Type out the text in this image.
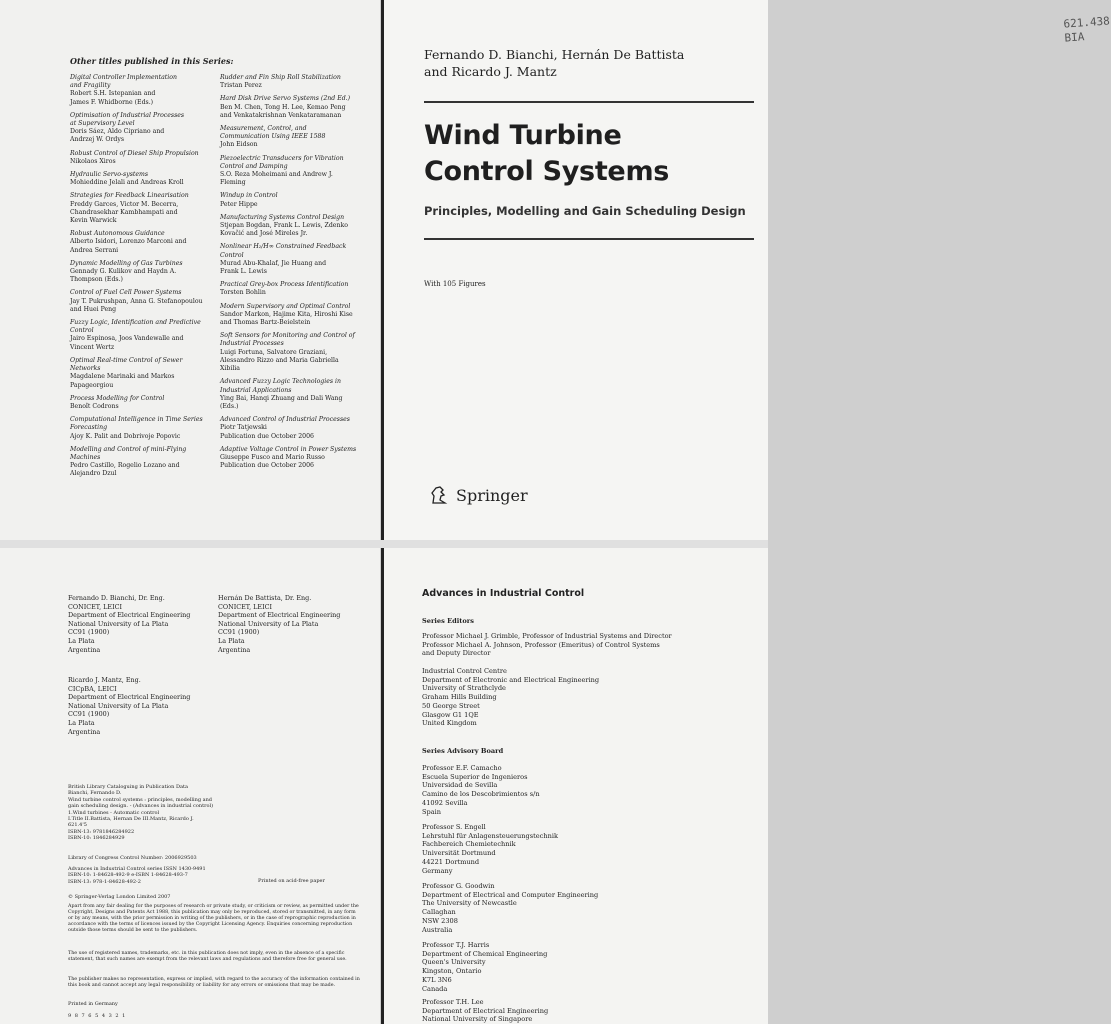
Other titles published in this Series:
Digital Controller Implementation
and Fragility
Robert S.H. Istepanian and
James F. Whidborne (Eds.)
Optimisation of Industrial Processes
at Supervisory Level
Doris Sáez, Aldo Cipriano and
Andrzej W. Ordys
Robust Control of Diesel Ship Propulsion
Nikolaos Xiros
Hydraulic Servo-systems
Mohieddine Jelali and Andreas Kroll
Strategies for Feedback Linearisation
Freddy Garces, Victor M. Becerra,
Chandrasekhar Kambhampati and
Kevin Warwick
Robust Autonomous Guidance
Alberto Isidori, Lorenzo Marconi and
Andrea Serrani
Dynamic Modelling of Gas Turbines
Gennady G. Kulikov and Haydn A.
Thompson (Eds.)
Control of Fuel Cell Power Systems
Jay T. Pukrushpan, Anna G. Stefanopoulou
and Huei Peng
Fuzzy Logic, Identification and Predictive
Control
Jairo Espinosa, Joos Vandewalle and
Vincent Wertz
Optimal Real-time Control of Sewer
Networks
Magdalene Marinaki and Markos
Papageorgiou
Process Modelling for Control
Benoît Codrons
Computational Intelligence in Time Series
Forecasting
Ajoy K. Palit and Dobrivoje Popovic
Modelling and Control of mini-Flying
Machines
Pedro Castillo, Rogelio Lozano and
Alejandro Dzul
Rudder and Fin Ship Roll Stabilization
Tristan Perez
Hard Disk Drive Servo Systems (2nd Ed.)
Ben M. Chen, Tong H. Lee, Kemao Peng
and Venkatakrishnan Venkataramanan
Measurement, Control, and
Communication Using IEEE 1588
John Eidson
Piezoelectric Transducers for Vibration
Control and Damping
S.O. Reza Moheimani and Andrew J.
Fleming
Windup in Control
Peter Hippe
Manufacturing Systems Control Design
Stjepan Bogdan, Frank L. Lewis, Zdenko
Kovačić and José Mireles Jr.
Nonlinear H₂/H∞ Constrained Feedback
Control
Murad Abu-Khalaf, Jie Huang and
Frank L. Lewis
Practical Grey-box Process Identification
Torsten Bohlin
Modern Supervisory and Optimal Control
Sandor Markon, Hajime Kita, Hiroshi Kise
and Thomas Bartz-Beielstein
Soft Sensors for Monitoring and Control of
Industrial Processes
Luigi Fortuna, Salvatore Graziani,
Alessandro Rizzo and Maria Gabriella
Xibilia
Advanced Fuzzy Logic Technologies in
Industrial Applications
Ying Bai, Hanqi Zhuang and Dali Wang
(Eds.)
Advanced Control of Industrial Processes
Piotr Tatjewski
Publication due October 2006
Adaptive Voltage Control in Power Systems
Giuseppe Fusco and Mario Russo
Publication due October 2006
621.438
BIA
Fernando D. Bianchi, Hernán De Battista
and Ricardo J. Mantz
Wind Turbine
Control Systems
Principles, Modelling and Gain Scheduling Design
With 105 Figures
Springer
Fernando D. Bianchi, Dr. Eng.
CONICET, LEICI
Department of Electrical Engineering
National University of La Plata
CC91 (1900)
La Plata
Argentina
Hernán De Battista, Dr. Eng.
CONICET, LEICI
Department of Electrical Engineering
National University of La Plata
CC91 (1900)
La Plata
Argentina
Ricardo J. Mantz, Eng.
CICpBA, LEICI
Department of Electrical Engineering
National University of La Plata
CC91 (1900)
La Plata
Argentina
British Library Cataloguing in Publication Data
Bianchi, Fernando D.
Wind turbine control systems : principles, modelling and
gain scheduling design. - (Advances in industrial control)
1.Wind turbines - Automatic control
I.Title II.Battista, Hernan De III.Mantz, Ricardo J.
621.4'5
ISBN-13: 9781846284922
ISBN-10: 1846284929
Library of Congress Control Number: 2006929503
Advances in Industrial Control series ISSN 1430-9491
ISBN-10: 1-84628-492-9 e-ISBN 1-84628-493-7
ISBN-13: 978-1-84628-492-2	Printed on acid-free paper
© Springer-Verlag London Limited 2007
Apart from any fair dealing for the purposes of research or private study, or criticism or review, as permitted under the Copyright, Designs and Patents Act 1988, this publication may only be reproduced, stored or transmitted, in any form or by any means, with the prior permission in writing of the publishers, or in the case of reprographic reproduction in accordance with the terms of licences issued by the Copyright Licensing Agency. Enquiries concerning reproduction outside those terms should be sent to the publishers.
The use of registered names, trademarks, etc. in this publication does not imply, even in the absence of a specific statement, that such names are exempt from the relevant laws and regulations and therefore free for general use.
The publisher makes no representation, express or implied, with regard to the accuracy of the information contained in this book and cannot accept any legal responsibility or liability for any errors or omissions that may be made.
Printed in Germany
9 8 7 6 5 4 3 2 1
Advances in Industrial Control
Series Editors
Professor Michael J. Grimble, Professor of Industrial Systems and Director
Professor Michael A. Johnson, Professor (Emeritus) of Control Systems
and Deputy Director
Industrial Control Centre
Department of Electronic and Electrical Engineering
University of Strathclyde
Graham Hills Building
50 George Street
Glasgow G1 1QE
United Kingdom
Series Advisory Board
Professor E.F. Camacho
Escuela Superior de Ingenieros
Universidad de Sevilla
Camino de los Descobrimientos s/n
41092 Sevilla
Spain
Professor S. Engell
Lehrstuhl für Anlagensteuerungstechnik
Fachbereich Chemietechnik
Universität Dortmund
44221 Dortmund
Germany
Professor G. Goodwin
Department of Electrical and Computer Engineering
The University of Newcastle
Callaghan
NSW 2308
Australia
Professor T.J. Harris
Department of Chemical Engineering
Queen's University
Kingston, Ontario
K7L 3N6
Canada
Professor T.H. Lee
Department of Electrical Engineering
National University of Singapore
